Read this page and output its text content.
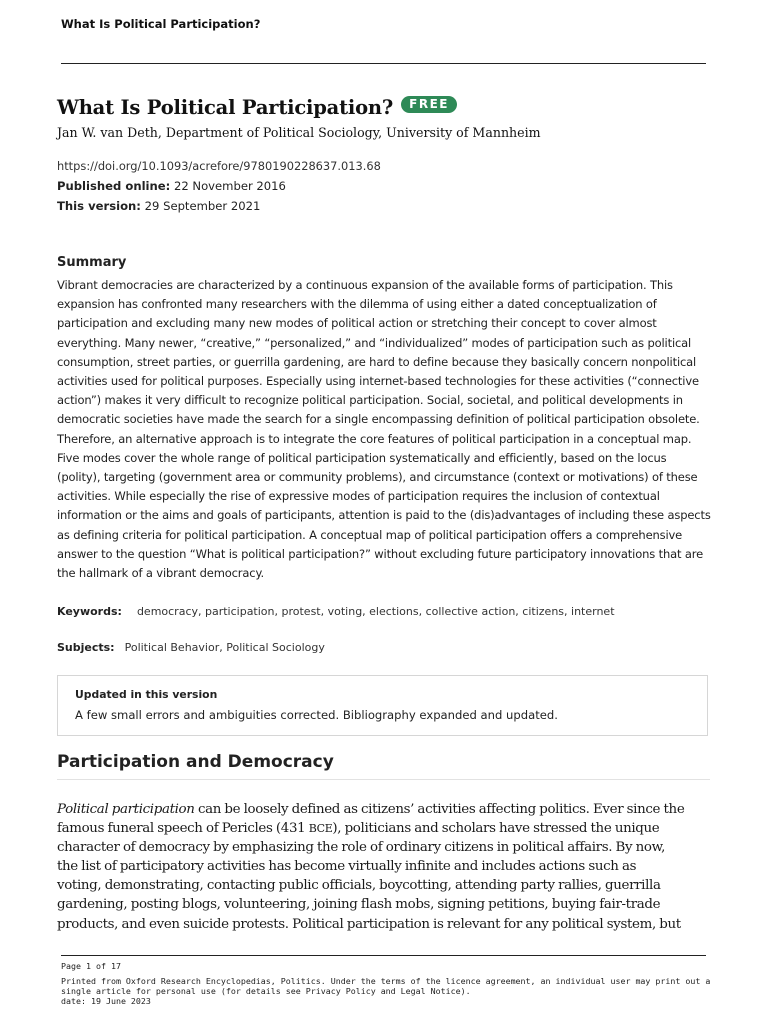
What Is Political Participation?
What Is Political Participation?	FREE
Jan W. van Deth, Department of Political Sociology, University of Mannheim
https://doi.org/10.1093/acrefore/9780190228637.013.68
Published online: 22 November 2016
This version: 29 September 2021
Summary
Vibrant democracies are characterized by a continuous expansion of the available forms of participation. This
expansion has confronted many researchers with the dilemma of using either a dated conceptualization of
participation and excluding many new modes of political action or stretching their concept to cover almost
everything. Many newer, “creative,” “personalized,” and “individualized” modes of participation such as political
consumption, street parties, or guerrilla gardening, are hard to define because they basically concern nonpolitical
activities used for political purposes. Especially using internet-based technologies for these activities (“connective
action”) makes it very difficult to recognize political participation. Social, societal, and political developments in
democratic societies have made the search for a single encompassing definition of political participation obsolete.
Therefore, an alternative approach is to integrate the core features of political participation in a conceptual map.
Five modes cover the whole range of political participation systematically and efficiently, based on the locus
(polity), targeting (government area or community problems), and circumstance (context or motivations) of these
activities. While especially the rise of expressive modes of participation requires the inclusion of contextual
information or the aims and goals of participants, attention is paid to the (dis)advantages of including these aspects
as defining criteria for political participation. A conceptual map of political participation offers a comprehensive
answer to the question “What is political participation?” without excluding future participatory innovations that are
the hallmark of a vibrant democracy.
Keywords: democracy, participation, protest, voting, elections, collective action, citizens, internet
Subjects: Political Behavior, Political Sociology
Updated in this version
A few small errors and ambiguities corrected. Bibliography expanded and updated.
Participation and Democracy
Political participation can be loosely defined as citizens’ activities affecting politics. Ever since the
famous funeral speech of Pericles (431 BCE), politicians and scholars have stressed the unique
character of democracy by emphasizing the role of ordinary citizens in political affairs. By now,
the list of participatory activities has become virtually infinite and includes actions such as
voting, demonstrating, contacting public officials, boycotting, attending party rallies, guerrilla
gardening, posting blogs, volunteering, joining flash mobs, signing petitions, buying fair-trade
products, and even suicide protests. Political participation is relevant for any political system, but
Page 1 of 17
Printed from Oxford Research Encyclopedias, Politics. Under the terms of the licence agreement, an individual user may print out a
single article for personal use (for details see Privacy Policy and Legal Notice).
date: 19 June 2023
